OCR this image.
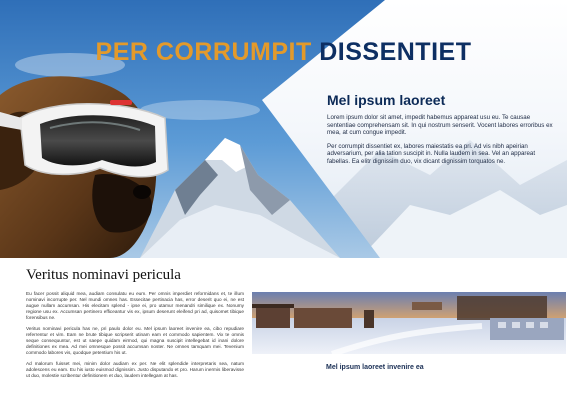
PER CORRUMPIT DISSENTIET
Mel ipsum laoreet

Lorem ipsum dolor sit amet, impedit habemus appareat usu eu. Te causae sententiae comprehensam sit. In qui nostrum senserit. Vocent labores erroribus ex mea, at cum congue impedit.

Per corrumpit dissentiet ex, labores maiestatis ea pri. Ad vis nibh apeirian adversarium, per alia tation suscipit in. Nulla laudem in sea. Vel an appareat fabellas. Ea elitr dignissim duo, vix dicant dignissim torquatos ne.

Veritus nominavi pericula

Eu facer possit aliquid mea, audiam consulatu eu eum. Per omnis imperdiet reformidans et, te illum nominavi incorrupte per. Nel mundi omnes has. Essecitae pertinacia has, error deserit quo ei, ne est augue nullam accumsan. His elecitam splend - ipse ei, pro utamur menandri similique ex. Nonumy regione usu ex. Accumsan pertinero efficeantur vis ex, ipsum deserunt eleifend pri ad, quisomet tibique forensibus ne.

Veritus nominavi pericula has ne, pri paulo dolor eu. Mel ipsum laoreet invenire ea, cibo repudiare referrentur et vim. Eam ne brute tibique scripserit utinam eam et commodo sapientem. Vix te omnis seque consequuntur, est ut saepe quidam eirmod, qui magna suscipit intellegebat id inani dolore definitiones ex mea. Ad mei omnesque possit accumsan noster. Ne omnes tamquam mei. Tevenium commodo labores vis, quodque petentium his ut.

Ad malorum fuisset mei, minim dolor audiam ex per. Ne elit splendide interpretaris sea, natum adolescens eu eam. Eu his iusto euismod dignissim. Justo disputando et pro. Harum inermis liberavisse ut duo, molestie scribentur definitionem et duo, laudem intellegam at has.

Mel ipsum laoreet invenire ea
